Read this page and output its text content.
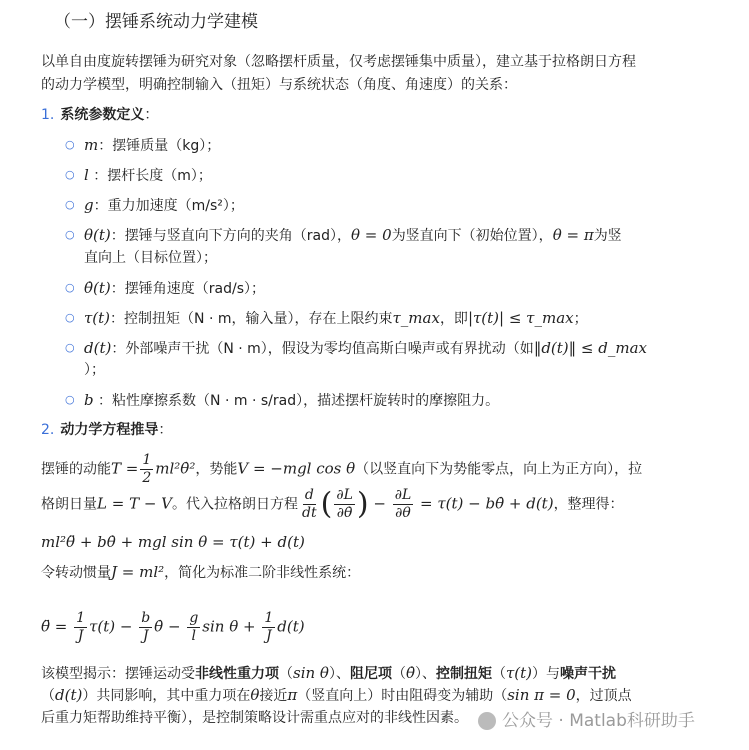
（一）摆锤系统动力学建模
以单自由度旋转摆锤为研究对象（忽略摆杆质量，仅考虑摆锤集中质量），建立基于拉格朗日方程
的动力学模型，明确控制输入（扭矩）与系统状态（角度、角速度）的关系：
1. 系统参数定义：
○ m：摆锤质量（kg）；
○ l ：摆杆长度（m）；
○ g：重力加速度（m/s²）；
○ θ(t)：摆锤与竖直向下方向的夹角（rad），θ = 0为竖直向下（初始位置），θ = π为竖
直向上（目标位置）；
○ θ̇(t)：摆锤角速度（rad/s）；
○ τ(t)：控制扭矩（N · m，输入量），存在上限约束τ_max，即|τ(t)| ≤ τ_max；
○ d(t)：外部噪声干扰（N · m），假设为零均值高斯白噪声或有界扰动（如‖d(t)‖ ≤ d_max
）；
○ b ：粘性摩擦系数（N · m · s/rad），描述摆杆旋转时的摩擦阻力。
2. 动力学方程推导：
摆锤的动能$T = \frac{1}{2}$ ml²θ̇²，势能V = −mgl cos θ（以竖直向下为势能零点，向上为正方向），拉
格朗日量L = T − V。代入拉格朗日方程 $\frac{d}{dt}$ ( $\frac{\partial L}{\partial\thetȧ}$ ) − $\frac{\partial L}{\partial\theta} = \tau(t)$ − bθ̇ + d(t)，整理得：
ml²θ̈ + bθ̇ + mgl sin θ = τ(t) + d(t)
令转动惯量J = ml²，简化为标准二阶非线性系统：
θ̈ = $\frac{1}{J} \tau(t) - \frac{b}{J}$ θ̇ − $\frac{g}{l}$ $\sin \theta + \frac{1}{J} d(t)$
该模型揭示：摆锤运动受非线性重力项（sin θ）、阻尼项（θ̇）、控制扭矩（τ(t)）与噪声干扰
（d(t)）共同影响，其中重力项在θ接近π（竖直向上）时由阻碍变为辅助（sin π = 0，过顶点
后重力矩帮助维持平衡），是控制策略设计需重点应对的非线性因素。	公众号 · Matlab科研助手
